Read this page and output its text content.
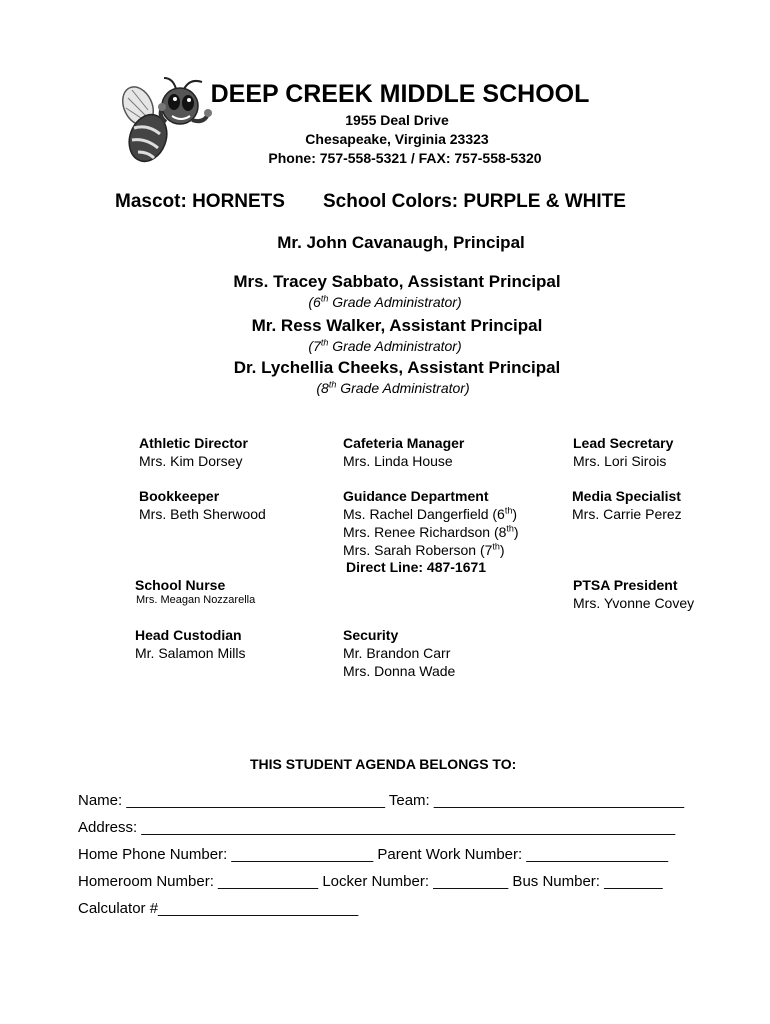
DEEP CREEK MIDDLE SCHOOL
1955 Deal Drive
Chesapeake, Virginia 23323
Phone: 757-558-5321 / FAX: 757-558-5320
Mascot: HORNETS School Colors: PURPLE & WHITE
Mr. John Cavanaugh, Principal
Mrs. Tracey Sabbato, Assistant Principal
(6th Grade Administrator)
Mr. Ress Walker, Assistant Principal
(7th Grade Administrator)
Dr. Lychellia Cheeks, Assistant Principal
(8th Grade Administrator)
Athletic Director
Mrs. Kim Dorsey
Cafeteria Manager
Mrs. Linda House
Lead Secretary
Mrs. Lori Sirois
Bookkeeper
Mrs. Beth Sherwood
Guidance Department
Ms. Rachel Dangerfield (6th)
Mrs. Renee Richardson (8th)
Mrs. Sarah Roberson (7th)
Direct Line: 487-1671
Media Specialist
Mrs. Carrie Perez
School Nurse
Mrs. Meagan Nozzarella
PTSA President
Mrs. Yvonne Covey
Head Custodian
Mr. Salamon Mills
Security
Mr. Brandon Carr
Mrs. Donna Wade
THIS STUDENT AGENDA BELONGS TO:
Name: _______________________________ Team: ______________________________
Address: ________________________________________________________________
Home Phone Number: _________________ Parent Work Number: _________________
Homeroom Number: ____________ Locker Number: _________ Bus Number: _______
Calculator #________________________
